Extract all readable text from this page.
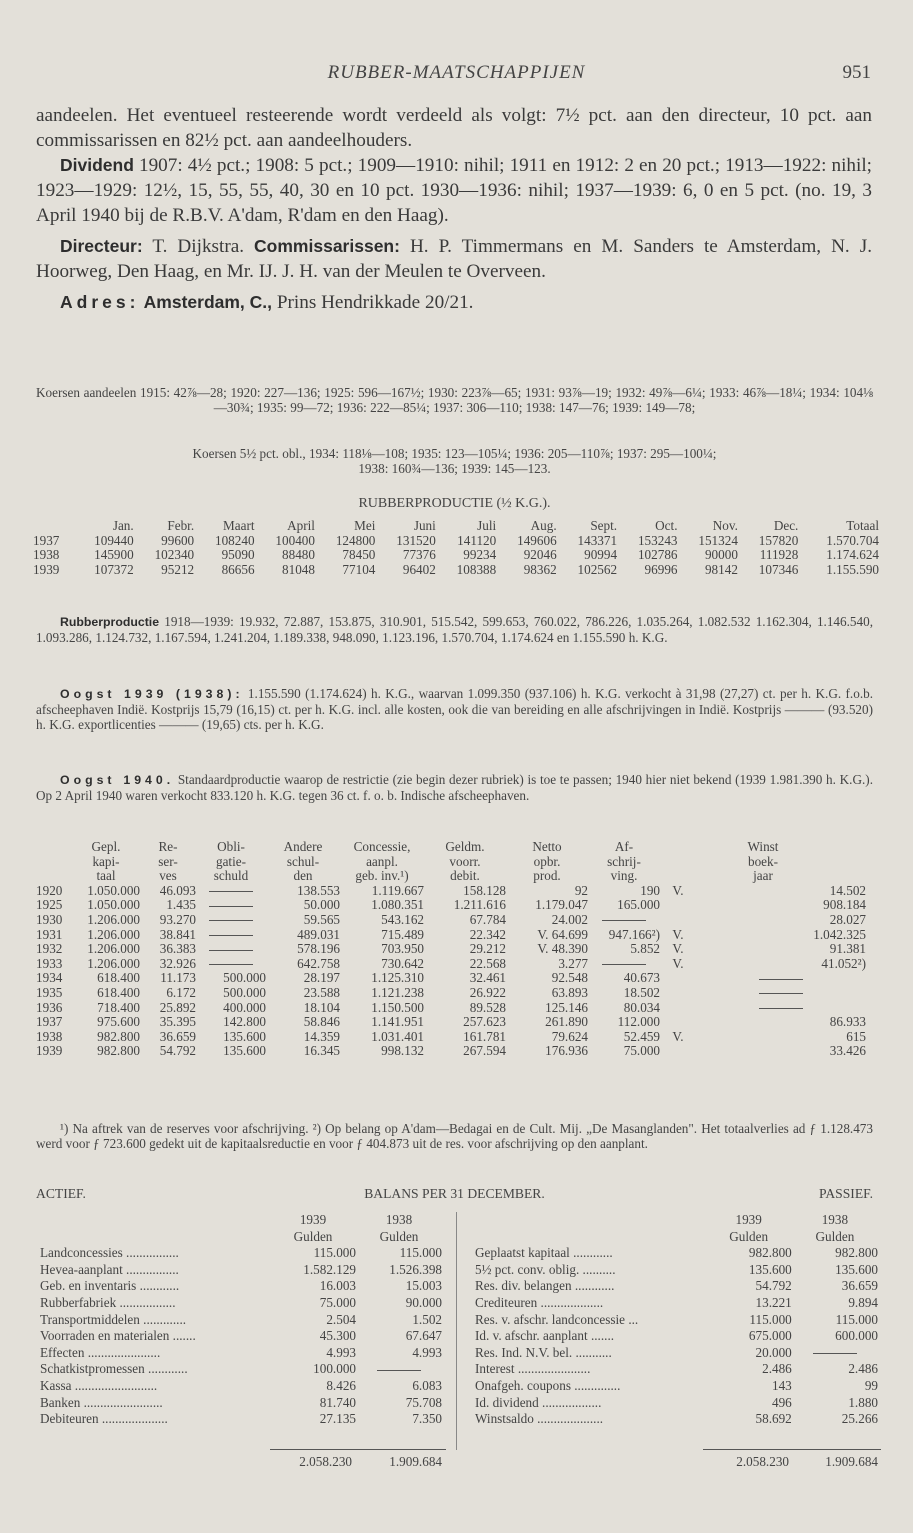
RUBBER-MAATSCHAPPIJEN	951
aandeelen. Het eventueel resteerende wordt verdeeld als volgt: 7½ pct. aan den directeur, 10 pct. aan commissarissen en 82½ pct. aan aandeelhouders.
Dividend 1907: 4½ pct.; 1908: 5 pct.; 1909—1910: nihil; 1911 en 1912: 2 en 20 pct.; 1913—1922: nihil; 1923—1929: 12½, 15, 55, 55, 40, 30 en 10 pct. 1930—1936: nihil; 1937—1939: 6, 0 en 5 pct. (no. 19, 3 April 1940 bij de R.B.V. A'dam, R'dam en den Haag).
Directeur: T. Dijkstra. Commissarissen: H. P. Timmermans en M. Sanders te Amsterdam, N. J. Hoorweg, Den Haag, en Mr. IJ. J. H. van der Meulen te Overveen.
Adres: Amsterdam, C., Prins Hendrikkade 20/21.
Koersen aandeelen 1915: 42⅞—28; 1920: 227—136; 1925: 596—167½; 1930: 223⅞—65; 1931: 93⅞—19; 1932: 49⅞—6¼; 1933: 46⅞—18¼; 1934: 104⅛—30¾; 1935: 99—72; 1936: 222—85¼; 1937: 306—110; 1938: 147—76; 1939: 149—78;
Koersen 5½ pct. obl., 1934: 118⅛—108; 1935: 123—105¼; 1936: 205—110⅞; 1937: 295—100¼;
1938: 160¾—136; 1939: 145—123.
RUBBERPRODUCTIE (½ K.G.).
	Jan.	Febr.	Maart	April	Mei	Juni	Juli	Aug.	Sept.	Oct.	Nov.	Dec.	Totaal
1937	109440	99600	108240	100400	124800	131520	141120	149606	143371	153243	151324	157820	1.570.704
1938	145900	102340	95090	88480	78450	77376	99234	92046	90994	102786	90000	111928	1.174.624
1939	107372	95212	86656	81048	77104	96402	108388	98362	102562	96996	98142	107346	1.155.590
Rubberproductie 1918—1939: 19.932, 72.887, 153.875, 310.901, 515.542, 599.653, 760.022, 786.226, 1.035.264, 1.082.532 1.162.304, 1.146.540, 1.093.286, 1.124.732, 1.167.594, 1.241.204, 1.189.338, 948.090, 1.123.196, 1.570.704, 1.174.624 en 1.155.590 h. K.G.
Oogst 1939 (1938): 1.155.590 (1.174.624) h. K.G., waarvan 1.099.350 (937.106) h. K.G. verkocht à 31,98 (27,27) ct. per h. K.G. f.o.b. afscheephaven Indië. Kostprijs 15,79 (16,15) ct. per h. K.G. incl. alle kosten, ook die van bereiding en alle afschrijvingen in Indië. Kostprijs ——— (93.520) h. K.G. exportlicenties ——— (19,65) cts. per h. K.G.
Oogst 1940. Standaardproductie waarop de restrictie (zie begin dezer rubriek) is toe te passen; 1940 hier niet bekend (1939 1.981.390 h. K.G.). Op 2 April 1940 waren verkocht 833.120 h. K.G. tegen 36 ct. f. o. b. Indische afscheephaven.
	Gepl.	Re-	Obli-	Andere	Concessie,	Geldm.	Netto	Af-	Winst	
	kapi-	ser-	gatie-	schul-	aanpl.	voorr.	opbr.	schrij-	boek-	
	taal	ves	schuld	den	geb. inv.¹)	debit.	prod.	ving.	jaar	
1920	1.050.000	46.093		138.553	1.119.667	158.128	92	190	V.	14.502
1925	1.050.000	1.435		50.000	1.080.351	1.211.616	1.179.047	165.000		908.184
1930	1.206.000	93.270		59.565	543.162	67.784	24.002			28.027
1931	1.206.000	38.841		489.031	715.489	22.342	V. 64.699	947.166²)	V.	1.042.325
1932	1.206.000	36.383		578.196	703.950	29.212	V. 48.390	5.852	V.	91.381
1933	1.206.000	32.926		642.758	730.642	22.568	3.277		V.	41.052²)
1934	618.400	11.173	500.000	28.197	1.125.310	32.461	92.548	40.673		
1935	618.400	6.172	500.000	23.588	1.121.238	26.922	63.893	18.502		
1936	718.400	25.892	400.000	18.104	1.150.500	89.528	125.146	80.034		
1937	975.600	35.395	142.800	58.846	1.141.951	257.623	261.890	112.000		86.933
1938	982.800	36.659	135.600	14.359	1.031.401	161.781	79.624	52.459	V.	615
1939	982.800	54.792	135.600	16.345	998.132	267.594	176.936	75.000		33.426
¹) Na aftrek van de reserves voor afschrijving. ²) Op belang op A'dam—Bedagai en de Cult. Mij. „De Masanglanden". Het totaalverlies ad ƒ 1.128.473 werd voor ƒ 723.600 gedekt uit de kapitaalsreductie en voor ƒ 404.873 uit de res. voor afschrijving op den aanplant.
ACTIEF.	BALANS PER 31 DECEMBER.	PASSIEF.
	1939	1938
	Gulden	Gulden
Landconcessies ................	115.000	115.000
Hevea-aanplant ................	1.582.129	1.526.398
Geb. en inventaris ............	16.003	15.003
Rubberfabriek .................	75.000	90.000
Transportmiddelen .............	2.504	1.502
Voorraden en materialen .......	45.300	67.647
Effecten ......................	4.993	4.993
Schatkistpromessen ............	100.000	
Kassa .........................	8.426	6.083
Banken ........................	81.740	75.708
Debiteuren ....................	27.135	7.350
	1939	1938
	Gulden	Gulden
Geplaatst kapitaal ............	982.800	982.800
5½ pct. conv. oblig. ..........	135.600	135.600
Res. div. belangen ............	54.792	36.659
Crediteuren ...................	13.221	9.894
Res. v. afschr. landconcessie ...	115.000	115.000
Id. v. afschr. aanplant .......	675.000	600.000
Res. Ind. N.V. bel. ...........	20.000	
Interest ......................	2.486	2.486
Onafgeh. coupons ..............	143	99
Id. dividend ..................	496	1.880
Winstsaldo ....................	58.692	25.266
2.058.230	1.909.684	2.058.230	1.909.684
